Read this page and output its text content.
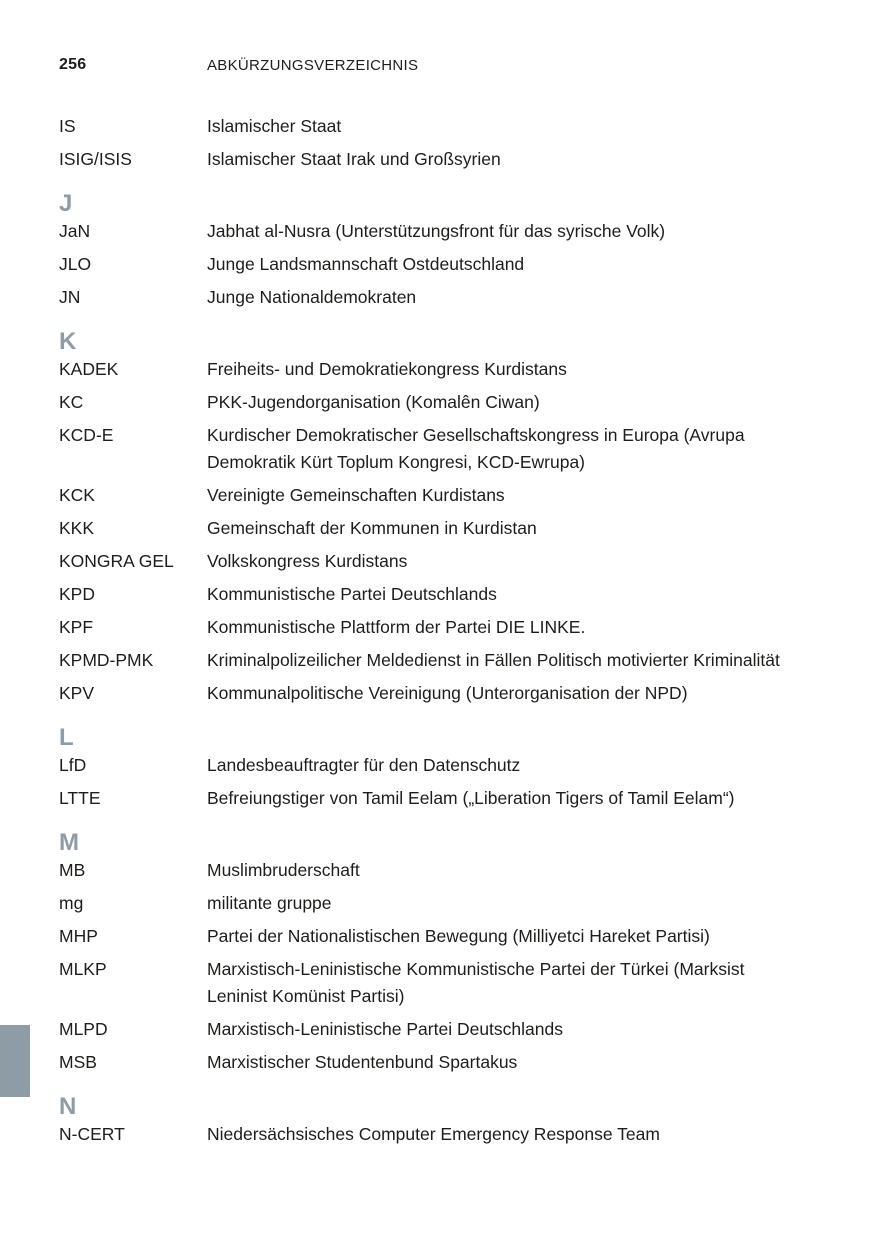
256	ABKÜRZUNGSVERZEICHNIS
IS	Islamischer Staat
ISIG/ISIS	Islamischer Staat Irak und Großsyrien
J
JaN	Jabhat al-Nusra (Unterstützungsfront für das syrische Volk)
JLO	Junge Landsmannschaft Ostdeutschland
JN	Junge Nationaldemokraten
K
KADEK	Freiheits- und Demokratiekongress Kurdistans
KC	PKK-Jugendorganisation (Komalên Ciwan)
KCD-E	Kurdischer Demokratischer Gesellschaftskongress in Europa (Avrupa Demokratik Kürt Toplum Kongresi, KCD-Ewrupa)
KCK	Vereinigte Gemeinschaften Kurdistans
KKK	Gemeinschaft der Kommunen in Kurdistan
KONGRA GEL	Volkskongress Kurdistans
KPD	Kommunistische Partei Deutschlands
KPF	Kommunistische Plattform der Partei DIE LINKE.
KPMD-PMK	Kriminalpolizeilicher Meldedienst in Fällen Politisch motivierter Kriminalität
KPV	Kommunalpolitische Vereinigung (Unterorganisation der NPD)
L
LfD	Landesbeauftragter für den Datenschutz
LTTE	Befreiungstiger von Tamil Eelam („Liberation Tigers of Tamil Eelam“)
M
MB	Muslimbruderschaft
mg	militante gruppe
MHP	Partei der Nationalistischen Bewegung (Milliyetci Hareket Partisi)
MLKP	Marxistisch-Leninistische Kommunistische Partei der Türkei (Marksist Leninist Komünist Partisi)
MLPD	Marxistisch-Leninistische Partei Deutschlands
MSB	Marxistischer Studentenbund Spartakus
N
N-CERT	Niedersächsisches Computer Emergency Response Team
